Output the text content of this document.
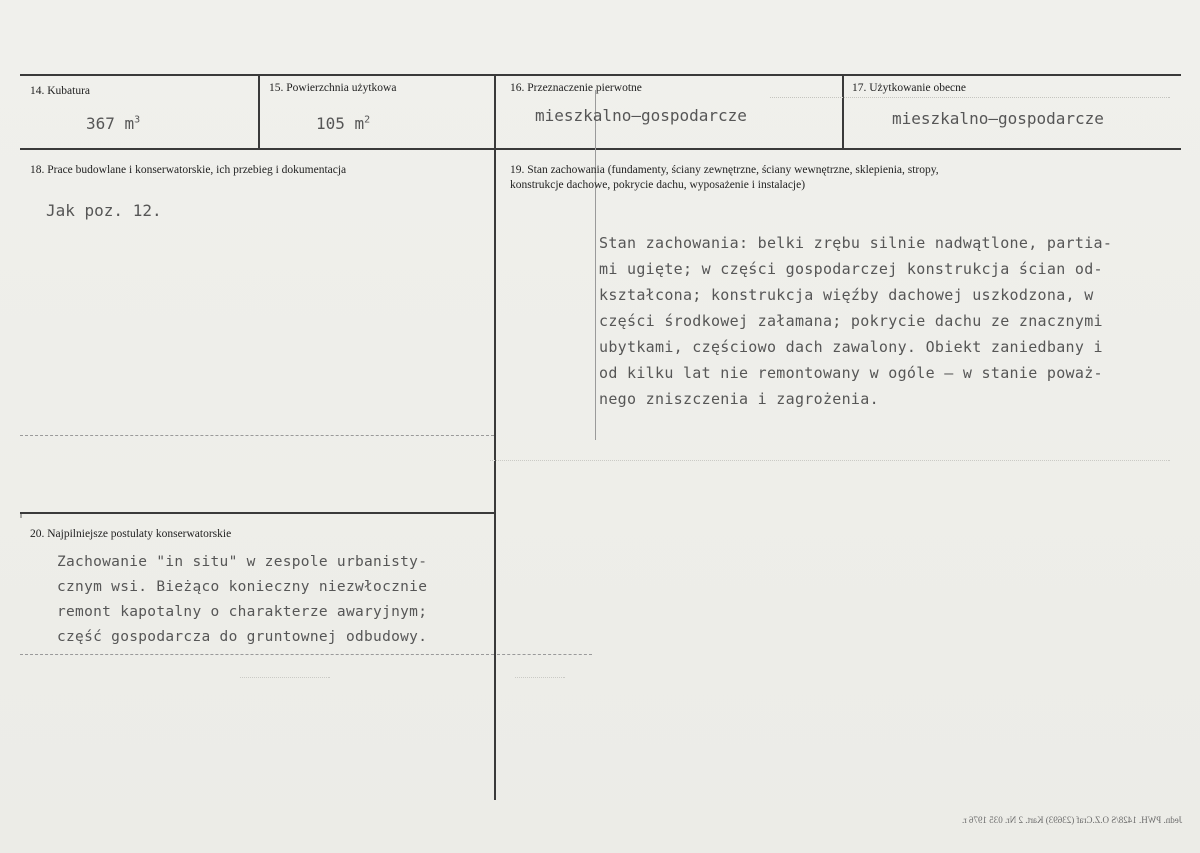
14. Kubatura
367 $m^3$
15. Powierzchnia użytkowa
105 $m^2$
16. Przeznaczenie pierwotne
mieszkalno–gospodarcze
17. Użytkowanie obecne
mieszkalno–gospodarcze
18. Prace budowlane i konserwatorskie, ich przebieg i dokumentacja
Jak poz. 12.
19. Stan zachowania (fundamenty, ściany zewnętrzne, ściany wewnętrzne, sklepienia, stropy,
konstrukcje dachowe, pokrycie dachu, wyposażenie i instalacje)
Stan zachowania: belki zrębu silnie nadwątlone, partia-
mi ugięte; w części gospodarczej konstrukcja ścian od-
kształcona; konstrukcja więźby dachowej uszkodzona, w
części środkowej załamana; pokrycie dachu ze znacznymi
ubytkami, częściowo dach zawalony. Obiekt zaniedbany i
od kilku lat nie remontowany w ogóle – w stanie poważ-
nego zniszczenia i zagrożenia.
20. Najpilniejsze postulaty konserwatorskie
Zachowanie "in situ" w zespole urbanisty-
cznym wsi. Bieżąco konieczny niezwłocznie
remont kapotalny o charakterze awaryjnym;
część gospodarcza do gruntownej odbudowy.
Jedn. PWH. 1428/S O.Z.Craf (23693) Kart. 2 Nr. 035 1976 r.
